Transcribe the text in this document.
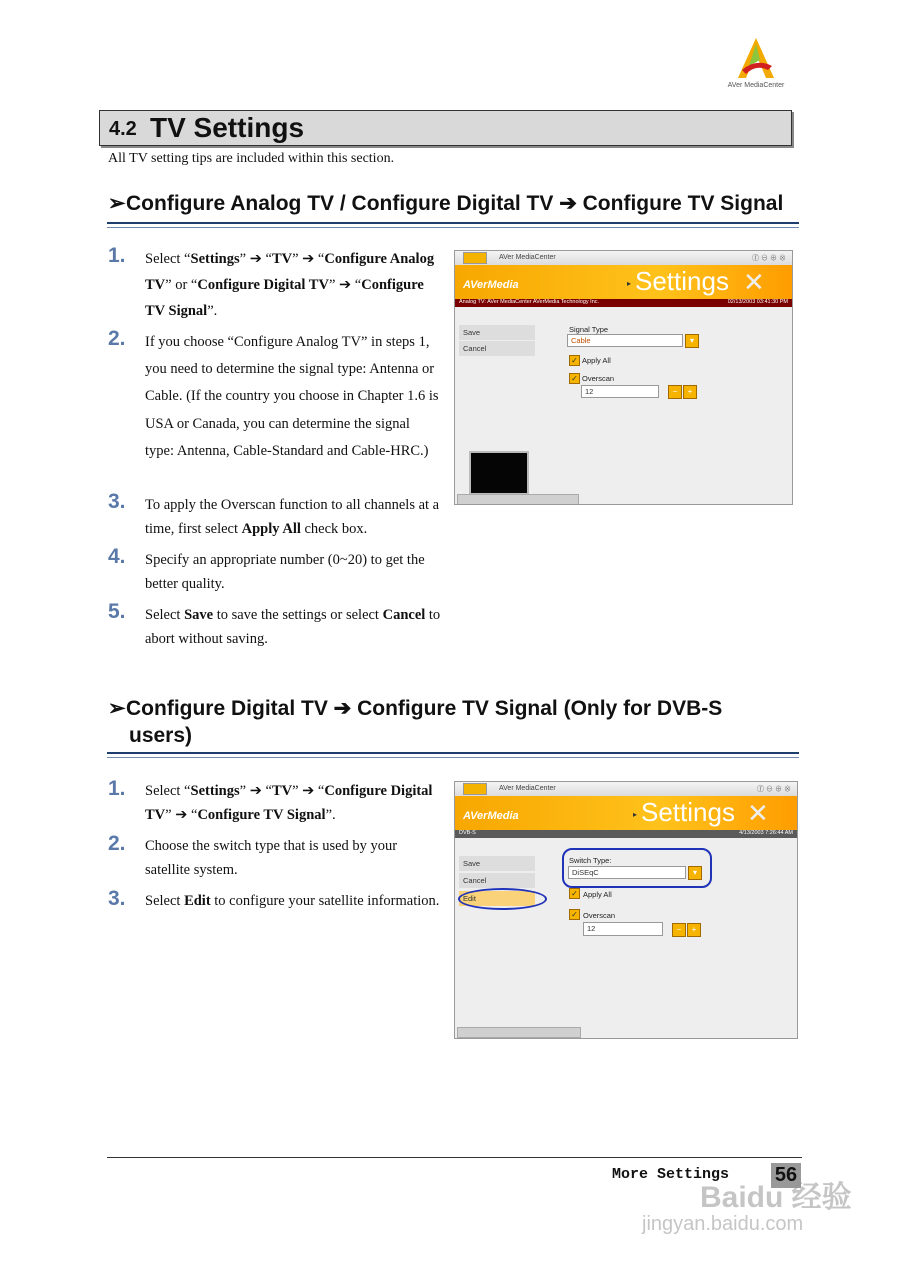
AVer MediaCenter
4.2 TV Settings
All TV setting tips are included within this section.
➢Configure Analog TV / Configure Digital TV ➔ Configure TV Signal
1. Select “Settings” ➔ “TV” ➔ “Configure Analog TV” or “Configure Digital TV” ➔ “Configure TV Signal”.
2. If you choose “Configure Analog TV” in steps 1, you need to determine the signal type: Antenna or Cable. (If the country you choose in Chapter 1.6 is USA or Canada, you can determine the signal type: Antenna, Cable-Standard and Cable-HRC.)
3. To apply the Overscan function to all channels at a time, first select Apply All check box.
4. Specify an appropriate number (0~20) to get the better quality.
5. Select Save to save the settings or select Cancel to abort without saving.
AVer MediaCenter	ⓕ⊖⊕⊗
AVerMedia	▸ Settings ✕
Analog TV: AVer MediaCenter AVerMedia Technology Inc.	02/13/2003 03:41:30 PM
Save
Cancel
Signal Type
Cable	▾
✓ Apply All
✓ Overscan
12	−	+
➢Configure Digital TV ➔ Configure TV Signal (Only for DVB-S
users)
1. Select “Settings” ➔ “TV” ➔ “Configure Digital TV” ➔ “Configure TV Signal”.
2. Choose the switch type that is used by your satellite system.
3. Select Edit to configure your satellite information.
AVer MediaCenter	ⓕ⊖⊕⊗
AVerMedia	▸ Settings ✕
DVB-S	4/13/2003 7:26:44 AM
Save
Cancel
Edit
Switch Type:
DiSEqC	▾
✓ Apply All
✓ Overscan
12	−	+
More Settings 56
Baidu 经验
jingyan.baidu.com
